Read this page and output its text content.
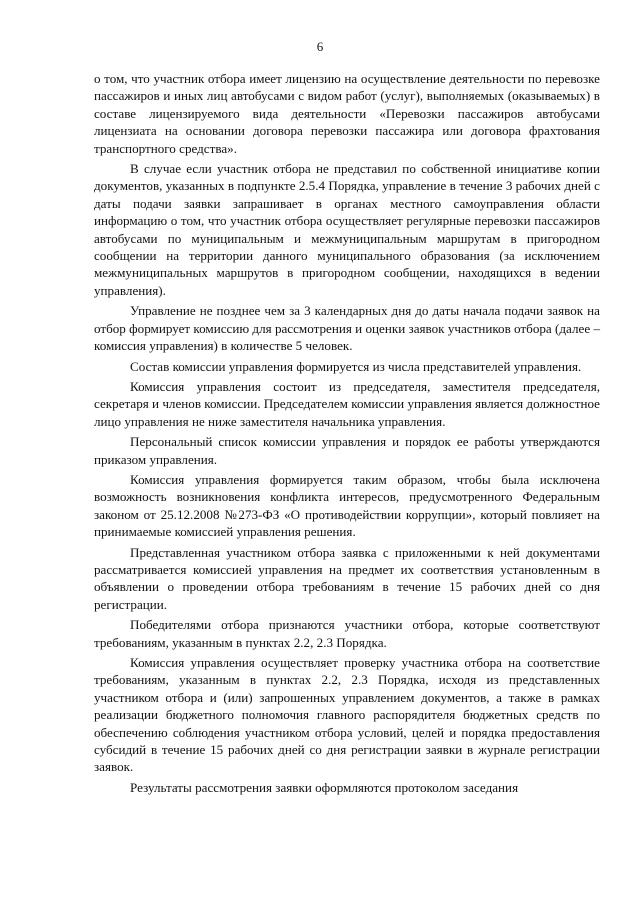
6

о том, что участник отбора имеет лицензию на осуществление деятельности по перевозке пассажиров и иных лиц автобусами с видом работ (услуг), выполняемых (оказываемых) в составе лицензируемого вида деятельности «Перевозки пассажиров автобусами лицензиата на основании договора перевозки пассажира или договора фрахтования транспортного средства».

В случае если участник отбора не представил по собственной инициативе копии документов, указанных в подпункте 2.5.4 Порядка, управление в течение 3 рабочих дней с даты подачи заявки запрашивает в органах местного самоуправления области информацию о том, что участник отбора осуществляет регулярные перевозки пассажиров автобусами по муниципальным и межмуниципальным маршрутам в пригородном сообщении на территории данного муниципального образования (за исключением межмуниципальных маршрутов в пригородном сообщении, находящихся в ведении управления).

Управление не позднее чем за 3 календарных дня до даты начала подачи заявок на отбор формирует комиссию для рассмотрения и оценки заявок участников отбора (далее – комиссия управления) в количестве 5 человек.

Состав комиссии управления формируется из числа представителей управления.

Комиссия управления состоит из председателя, заместителя председателя, секретаря и членов комиссии. Председателем комиссии управления является должностное лицо управления не ниже заместителя начальника управления.

Персональный список комиссии управления и порядок ее работы утверждаются приказом управления.

Комиссия управления формируется таким образом, чтобы была исключена возможность возникновения конфликта интересов, предусмотренного Федеральным законом от 25.12.2008 №273-ФЗ «О противодействии коррупции», который повлияет на принимаемые комиссией управления решения.

Представленная участником отбора заявка с приложенными к ней документами рассматривается комиссией управления на предмет их соответствия установленным в объявлении о проведении отбора требованиям в течение 15 рабочих дней со дня регистрации.

Победителями отбора признаются участники отбора, которые соответствуют требованиям, указанным в пунктах 2.2, 2.3 Порядка.

Комиссия управления осуществляет проверку участника отбора на соответствие требованиям, указанным в пунктах 2.2, 2.3 Порядка, исходя из представленных участником отбора и (или) запрошенных управлением документов, а также в рамках реализации бюджетного полномочия главного распорядителя бюджетных средств по обеспечению соблюдения участником отбора условий, целей и порядка предоставления субсидий в течение 15 рабочих дней со дня регистрации заявки в журнале регистрации заявок.

Результаты рассмотрения заявки оформляются протоколом заседания
